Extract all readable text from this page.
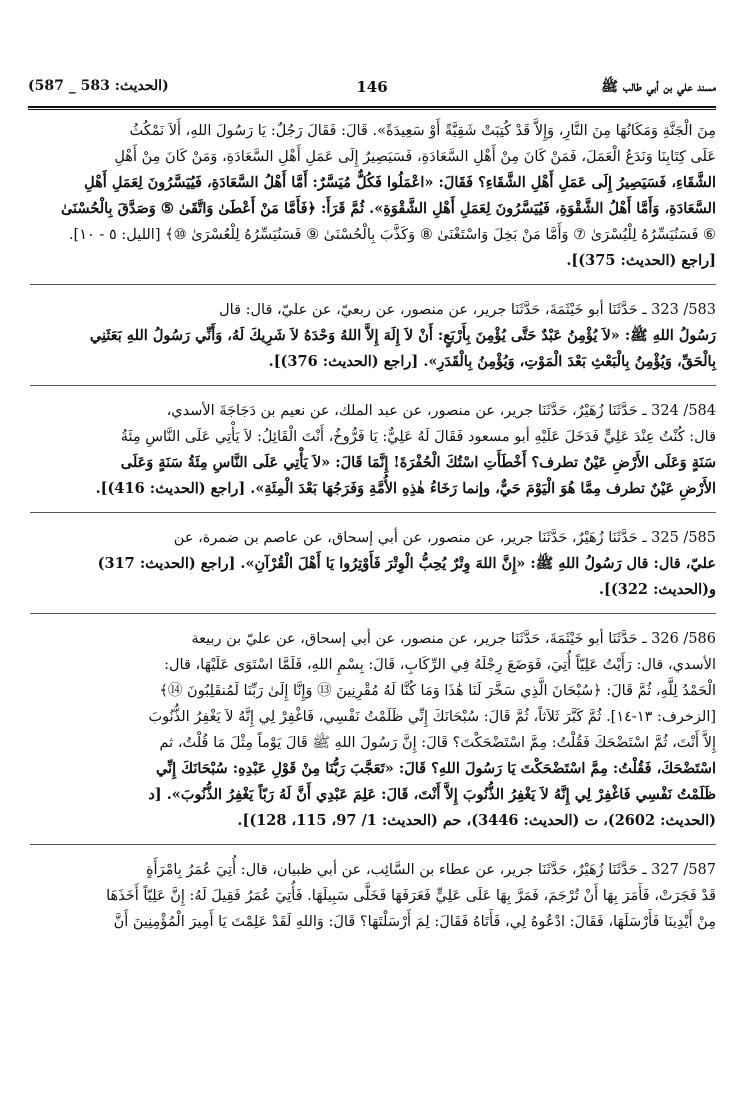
مسند علي بن أبي طالب ﷺ
146
(الحديث: 583 _ 587)

مِنَ الْجَنَّةِ وَمَكَانُهَا مِنَ النَّارِ، وَإِلاَّ قَدْ كُتِبَتْ شَقِيَّةً أَوْ سَعِيدَةً». قَالَ: فَقَالَ رَجُلٌ: يَا رَسُولَ اللهِ، أَلاَ نَمْكُثُ

عَلَى كِتَابِنَا وَنَدَعُ الْعَمَلَ، فَمَنْ كَانَ مِنْ أَهْلِ السَّعَادَةِ، فَسَيَصِيرُ إِلَى عَمَلِ أَهْلِ السَّعَادَةِ، وَمَنْ كَانَ مِنْ أَهْلِ

الشَّقَاءِ، فَسَيَصِيرُ إِلَى عَمَلِ أَهْلِ الشَّقَاءِ؟ فَقَالَ: «اعْمَلُوا فَكُلٌّ مُيَسَّرٌ: أَمَّا أَهْلُ السَّعَادَةِ، فَيُيَسَّرُونَ لِعَمَلِ أَهْلِ

السَّعَادَةِ، وَأَمَّا أَهْلُ الشَّقْوَةِ، فَيُيَسَّرُونَ لِعَمَلِ أَهْلِ الشَّقْوَةِ». ثُمَّ قَرَأَ: ﴿فَأَمَّا مَنْ أَعْطَىٰ وَاتَّقَىٰ ⑤ وَصَدَّقَ بِالْحُسْنَىٰ

⑥ فَسَنُيَسِّرُهُ لِلْيُسْرَىٰ ⑦ وَأَمَّا مَنْ بَخِلَ وَاسْتَغْنَىٰ ⑧ وَكَذَّبَ بِالْحُسْنَىٰ ⑨ فَسَنُيَسِّرُهُ لِلْعُسْرَىٰ ⑩﴾ [الليل: ٥ - ١٠].

[راجع (الحديث: 375)].

583/ 323 ـ حَدَّثَنَا أبو خَيْثَمَةَ، حَدَّثَنَا جرير، عن منصور، عن ربعيّ، عن عليّ، قال: قال

رَسُولُ اللهِ ﷺ: «لاَ يُؤْمِنُ عَبْدٌ حَتَّى يُؤْمِنَ بِأَرْبَعٍ: أَنْ لاَ إِلَهَ إِلاَّ اللهُ وَحْدَهُ لاَ شَرِيكَ لَهُ، وَأَنِّي رَسُولُ اللهِ بَعَثَنِي

بِالْحَقِّ، وَيُؤْمِنُ بِالْبَعْثِ بَعْدَ الْمَوْتِ، وَيُؤْمِنُ بِالْقَدَرِ». [راجع (الحديث: 376)].

584/ 324 ـ حَدَّثَنَا زُهَيْرٌ، حَدَّثَنَا جرير، عن منصور، عن عبد الملك، عن نعيم بن دَجَاجَةَ الأسدي،

قال: كُنْتُ عِنْدَ عَلِيٍّ فَدَخَلَ عَلَيْهِ أبو مسعود فَقَالَ لَهُ عَلِيٌّ: يَا فَرُّوخُ، أَنْتَ الْقَائِلُ: لاَ يَأْتِي عَلَى النَّاسِ مِئَةُ

سَنَةٍ وَعَلَى الأَرْضِ عَيْنٌ تطرف؟ أَخْطَأَتِ اسْتُكَ الْحُفْرَةَ! إِنَّمَا قَالَ: «لاَ يَأْتِي عَلَى النَّاسِ مِئَةُ سَنَةٍ وَعَلَى

الأَرْضِ عَيْنٌ تطرف مِمَّا هُوَ الْيَوْمَ حَيٌّ، وإنما رَخَاءُ هٰذِهِ الأُمَّةِ وَفَرَجُهَا بَعْدَ الْمِئَةِ». [راجع (الحديث: 416)].

585/ 325 ـ حَدَّثَنَا زُهَيْرٌ، حَدَّثَنَا جرير، عن منصور، عن أبي إسحاق، عن عاصم بن ضمرة، عن

عليّ، قال: قال رَسُولُ اللهِ ﷺ: «إِنَّ اللهَ وِتْرٌ يُحِبُّ الْوِتْرَ فَأَوْتِرُوا يَا أَهْلَ الْقُرْآنِ». [راجع (الحديث: 317)

و(الحديث: 322)].

586/ 326 ـ حَدَّثَنَا أبو خَيْثَمَةَ، حَدَّثَنَا جرير، عن منصور، عن أبي إسحاق، عن عليّ بن ربيعة

الأسدي، قال: رَأَيْتُ عَلِيّاً أُتِيَ، فَوَضَعَ رِجْلَهُ فِي الرِّكَابِ، قَالَ: بِسْمِ اللهِ، فَلَمَّا اسْتَوَى عَلَيْهَا، قال:

الْحَمْدُ لِلَّهِ، ثُمَّ قَالَ: ﴿سُبْحَانَ الَّذِي سَخَّرَ لَنَا هَٰذَا وَمَا كُنَّا لَهُ مُقْرِنِينَ ⑬ وَإِنَّا إِلَىٰ رَبِّنَا لَمُنقَلِبُونَ ⑭﴾

[الزخرف: ١٣-١٤]. ثُمَّ كَبَّرَ ثَلاَثاً، ثُمَّ قَالَ: سُبْحَانَكَ إِنِّي ظَلَمْتُ نَفْسِي، فَاغْفِرْ لِي إِنَّهُ لاَ يَغْفِرُ الذُّنُوبَ

إِلاَّ أَنْتَ، ثُمَّ اسْتَضْحَكَ فَقُلْتُ: مِمَّ اسْتَضْحَكْتَ؟ قَالَ: إِنَّ رَسُولَ اللهِ ﷺ قَالَ يَوْماً مِثْلَ مَا قُلْتُ، ثم

اسْتَضْحَكَ، فَقُلْتُ: مِمَّ اسْتَضْحَكْتَ يَا رَسُولَ اللهِ؟ قَالَ: «تَعَجَّبَ رَبُّنَا مِنْ قَوْلِ عَبْدِهِ: سُبْحَانَكَ إِنِّي

ظَلَمْتُ نَفْسِي فَاغْفِرْ لِي إِنَّهُ لاَ يَغْفِرُ الذُّنُوبَ إِلاَّ أَنْتَ، قَالَ: عَلِمَ عَبْدِي أَنَّ لَهُ رَبّاً يَغْفِرُ الذُّنُوبَ». [د

(الحديث: 2602)، ت (الحديث: 3446)، حم (الحديث: 1/ 97، 115، 128)].

587/ 327 ـ حَدَّثَنَا زُهَيْرٌ، حَدَّثَنَا جرير، عن عطاء بن السَّائِب، عن أبي ظبيان، قال: أُتِيَ عُمَرُ بِامْرَأَةٍ

قَدْ فَجَرَتْ، فَأَمَرَ بِهَا أَنْ تُرْجَمَ، فَمَرَّ بِهَا عَلَى عَلِيٍّ فَعَرَفَهَا فَخَلَّى سَبِيلَهَا. فَأُتِيَ عُمَرُ فَقِيلَ لَهُ: إِنَّ عَلِيّاً أَخَذَهَا

مِنْ أَيْدِينَا فَأَرْسَلَهَا، فَقَالَ: ادْعُوهُ لِي، فَأَتَاهُ فَقَالَ: لِمَ أَرْسَلْتَهَا؟ قَالَ: وَاللهِ لَقَدْ عَلِمْتَ يَا أَمِيرَ الْمُؤْمِنِينَ أَنَّ
